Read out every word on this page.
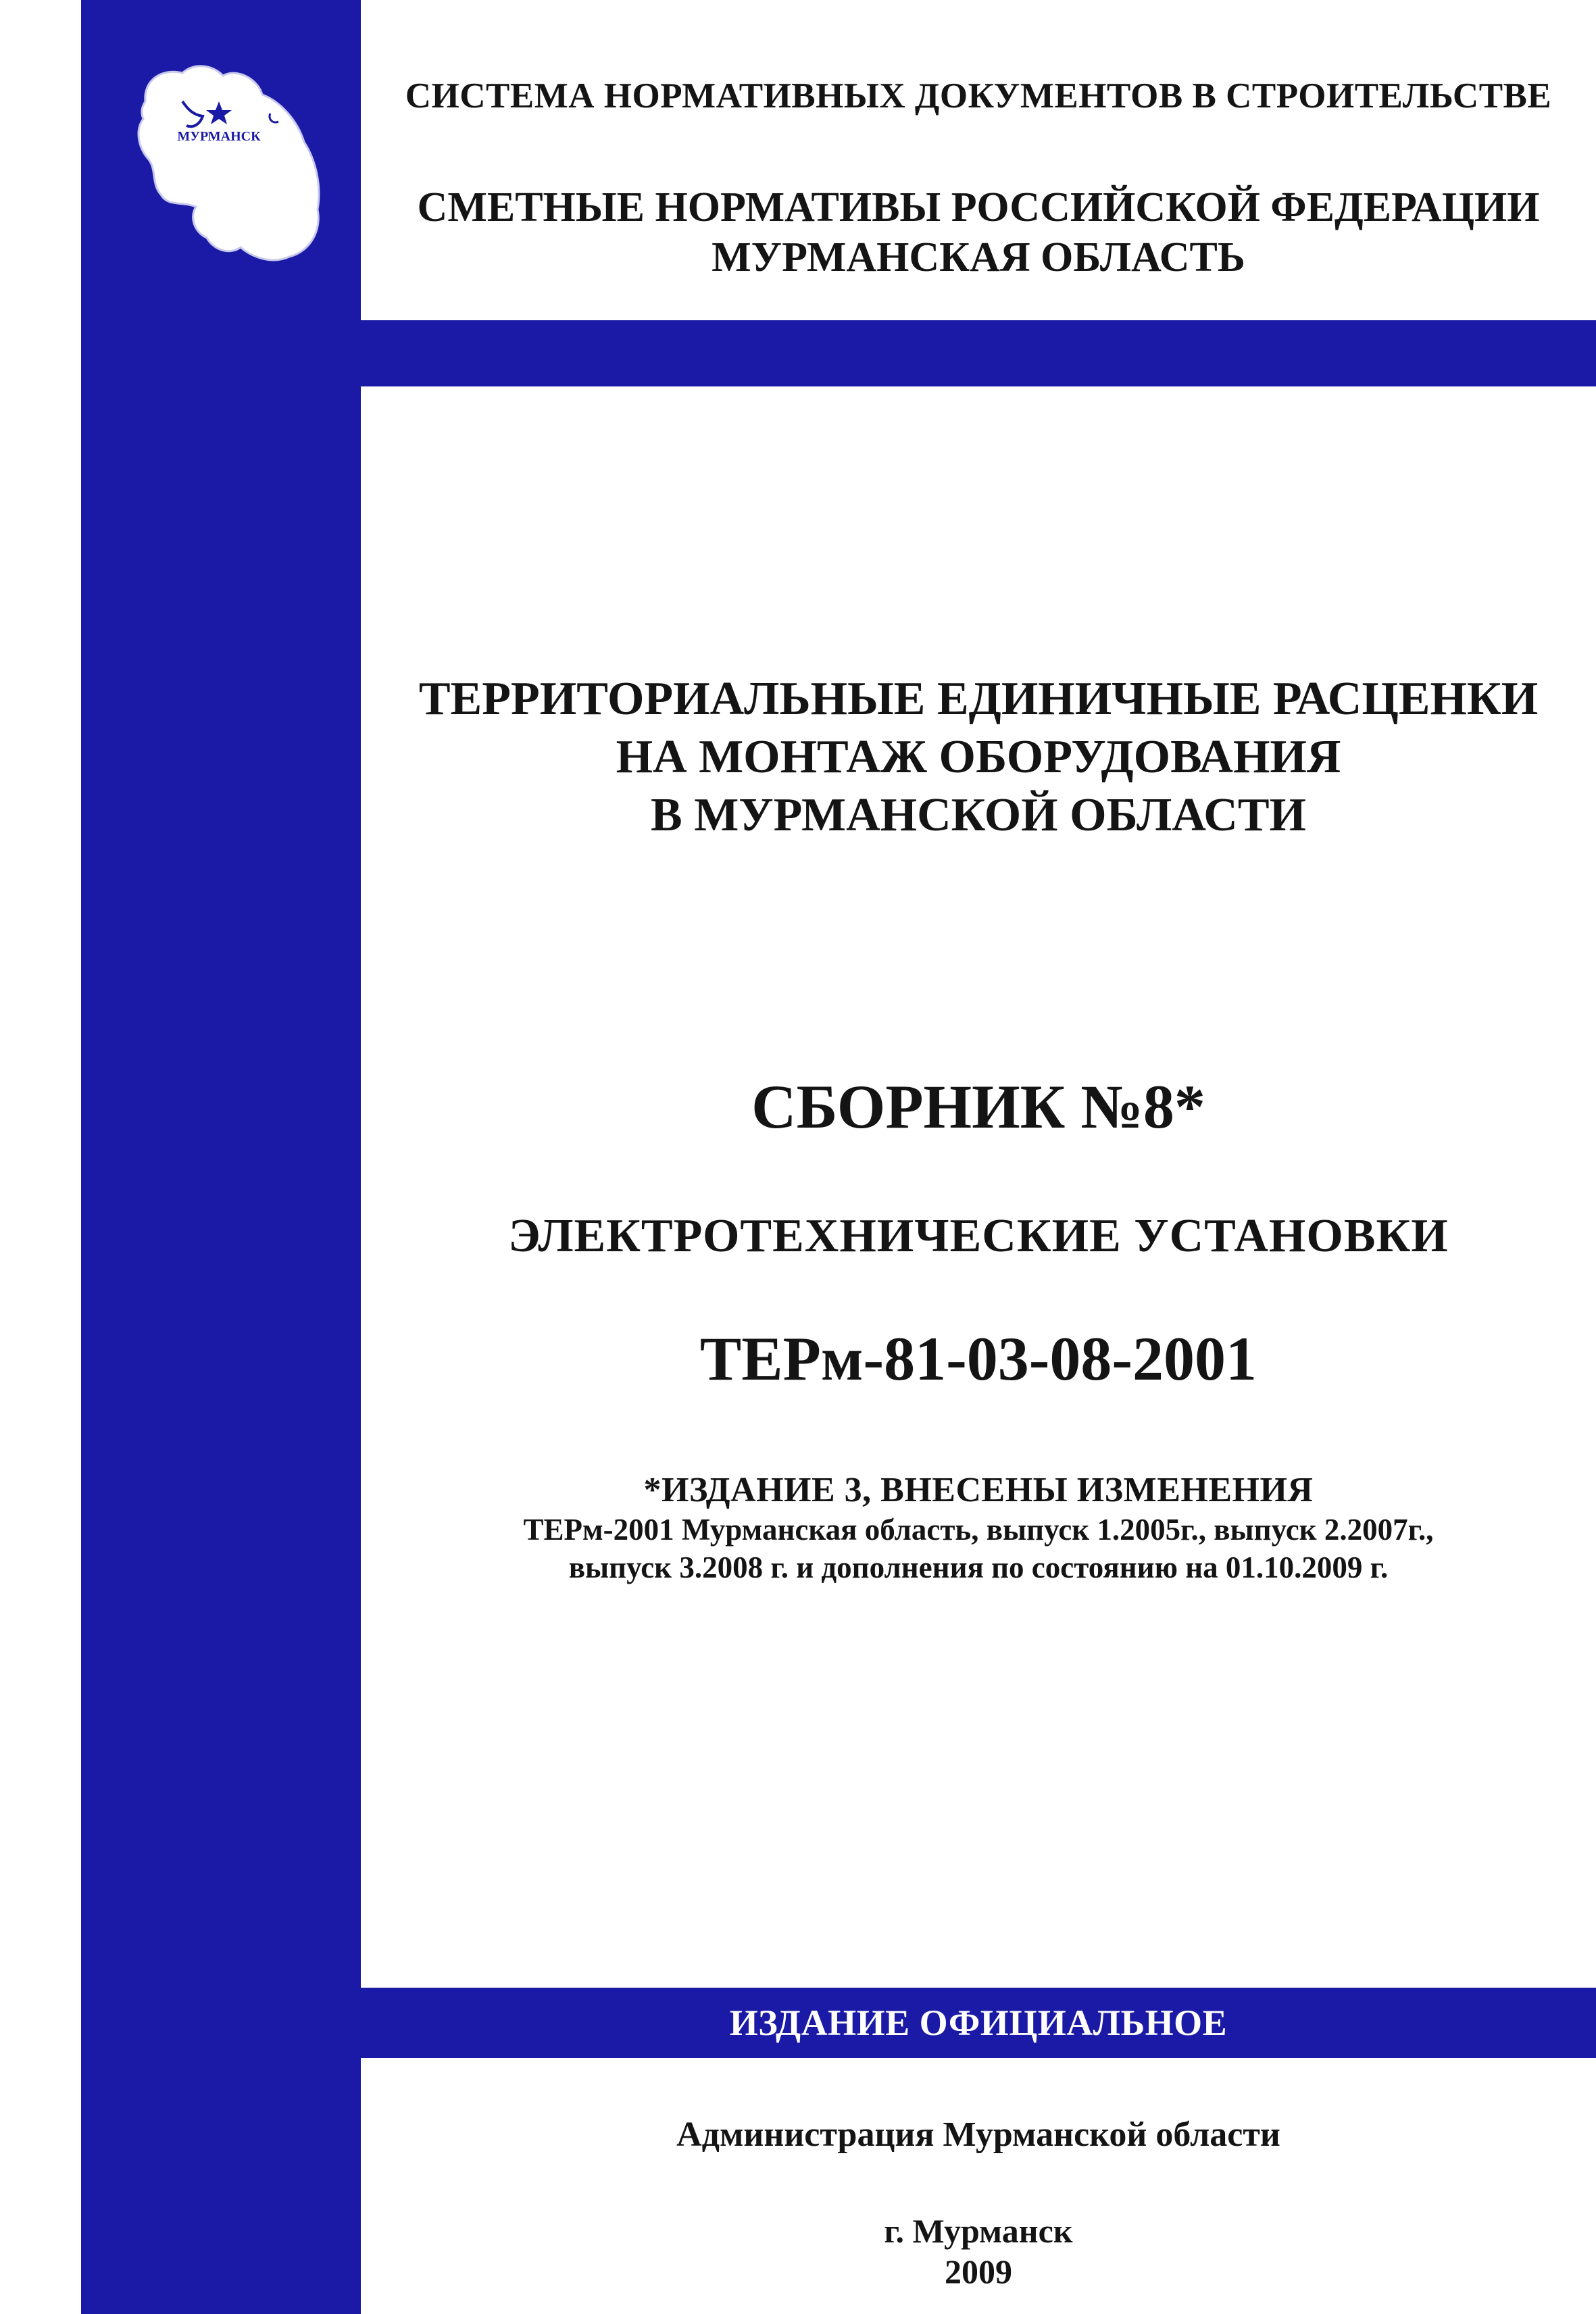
МУРМАНСК
СИСТЕМА НОРМАТИВНЫХ ДОКУМЕНТОВ В СТРОИТЕЛЬСТВЕ
СМЕТНЫЕ НОРМАТИВЫ РОССИЙСКОЙ ФЕДЕРАЦИИ
МУРМАНСКАЯ ОБЛАСТЬ
ТЕРРИТОРИАЛЬНЫЕ ЕДИНИЧНЫЕ РАСЦЕНКИ
НА МОНТАЖ ОБОРУДОВАНИЯ
В МУРМАНСКОЙ ОБЛАСТИ
СБОРНИК №8*
ЭЛЕКТРОТЕХНИЧЕСКИЕ УСТАНОВКИ
ТЕРм-81-03-08-2001
*ИЗДАНИЕ 3, ВНЕСЕНЫ ИЗМЕНЕНИЯ
ТЕРм-2001 Мурманская область, выпуск 1.2005г., выпуск 2.2007г.,
выпуск 3.2008 г. и дополнения по состоянию на 01.10.2009 г.
ИЗДАНИЕ ОФИЦИАЛЬНОЕ
Администрация Мурманской области
г. Мурманск
2009
